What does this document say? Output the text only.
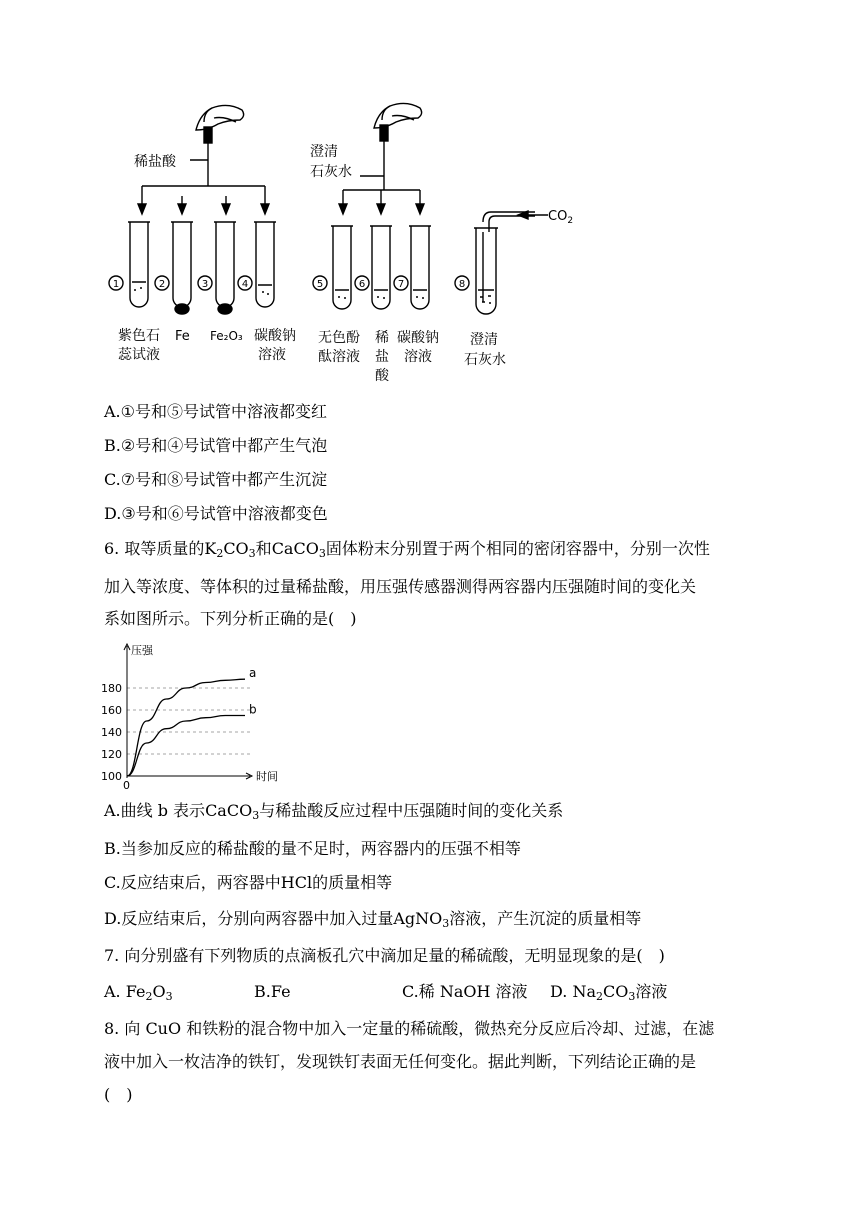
1	2	3	4	5	6	7	8
稀盐酸
澄清
石灰水
$CO_2$
紫色石
蕊试液
Fe Fe₂O₃ 碳酸钠
溶液
无色酚
酞溶液
稀
盐
酸
碳酸钠
溶液
澄清
石灰水
A.①号和⑤号试管中溶液都变红
B.②号和④号试管中都产生气泡
C.⑦号和⑧号试管中都产生沉淀
D.③号和⑥号试管中溶液都变色
6. 取等质量的$K_2CO_3$和CaCO$_3$固体粉末分别置于两个相同的密闭容器中，分别一次性
加入等浓度、等体积的过量稀盐酸，用压强传感器测得两容器内压强随时间的变化关
系如图所示。下列分析正确的是( )
100
120
140
160
180
压强
时间
0
a
b
A.曲线 b 表示CaCO$_3$与稀盐酸反应过程中压强随时间的变化关系
B.当参加反应的稀盐酸的量不足时，两容器内的压强不相等
C.反应结束后，两容器中HCl的质量相等
D.反应结束后，分别向两容器中加入过量AgNO$_3$溶液，产生沉淀的质量相等
7. 向分别盛有下列物质的点滴板孔穴中滴加足量的稀硫酸，无明显现象的是( )
A. $Fe_2O_3$	B.Fe	C.稀 NaOH 溶液 D. $Na_2CO_3$溶液
8. 向 CuO 和铁粉的混合物中加入一定量的稀硫酸，微热充分反应后冷却、过滤，在滤
液中加入一枚洁净的铁钉，发现铁钉表面无任何变化。据此判断，下列结论正确的是
( )
